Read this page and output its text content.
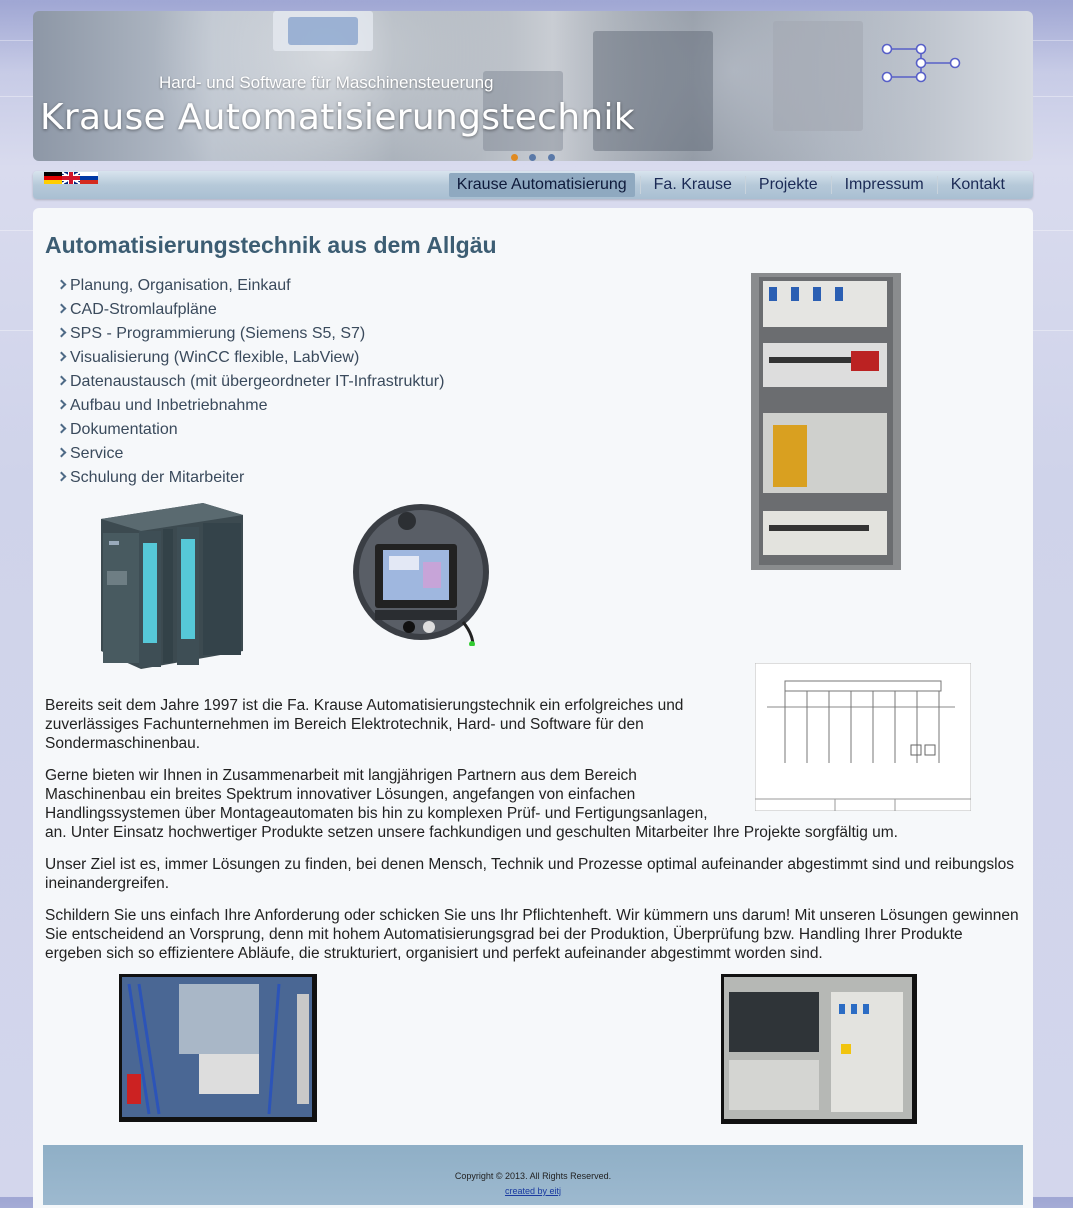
Hard- und Software für Maschinensteuerung
Krause Automatisierungstechnik

Krause Automatisierung	Fa. Krause	Projekte	Impressum	Kontakt
Automatisierungstechnik aus dem Allgäu
Planung, Organisation, Einkauf
CAD-Stromlaufpläne
SPS - Programmierung (Siemens S5, S7)
Visualisierung (WinCC flexible, LabView)
Datenaustausch (mit übergeordneter IT-Infrastruktur)
Aufbau und Inbetriebnahme
Dokumentation
Service
Schulung der Mitarbeiter

Bereits seit dem Jahre 1997 ist die Fa. Krause Automatisierungstechnik ein erfolgreiches und zuverlässiges Fachunternehmen im Bereich Elektrotechnik, Hard- und Software für den Sondermaschinenbau.

Gerne bieten wir Ihnen in Zusammenarbeit mit langjährigen Partnern aus dem Bereich Maschinenbau ein breites Spektrum innovativer Lösungen, angefangen von einfachen Handlingssystemen über Montageautomaten bis hin zu komplexen Prüf- und Fertigungsanlagen,

an. Unter Einsatz hochwertiger Produkte setzen unsere fachkundigen und geschulten Mitarbeiter Ihre Projekte sorgfältig um.

Unser Ziel ist es, immer Lösungen zu finden, bei denen Mensch, Technik und Prozesse optimal aufeinander abgestimmt sind und reibungslos ineinandergreifen.

Schildern Sie uns einfach Ihre Anforderung oder schicken Sie uns Ihr Pflichtenheft. Wir kümmern uns darum! Mit unseren Lösungen gewinnen Sie entscheidend an Vorsprung, denn mit hohem Automatisierungsgrad bei der Produktion, Überprüfung bzw. Handling Ihrer Produkte ergeben sich so effizientere Abläufe, die strukturiert, organisiert und perfekt aufeinander abgestimmt worden sind.

Copyright © 2013. All Rights Reserved.
created by eitj
